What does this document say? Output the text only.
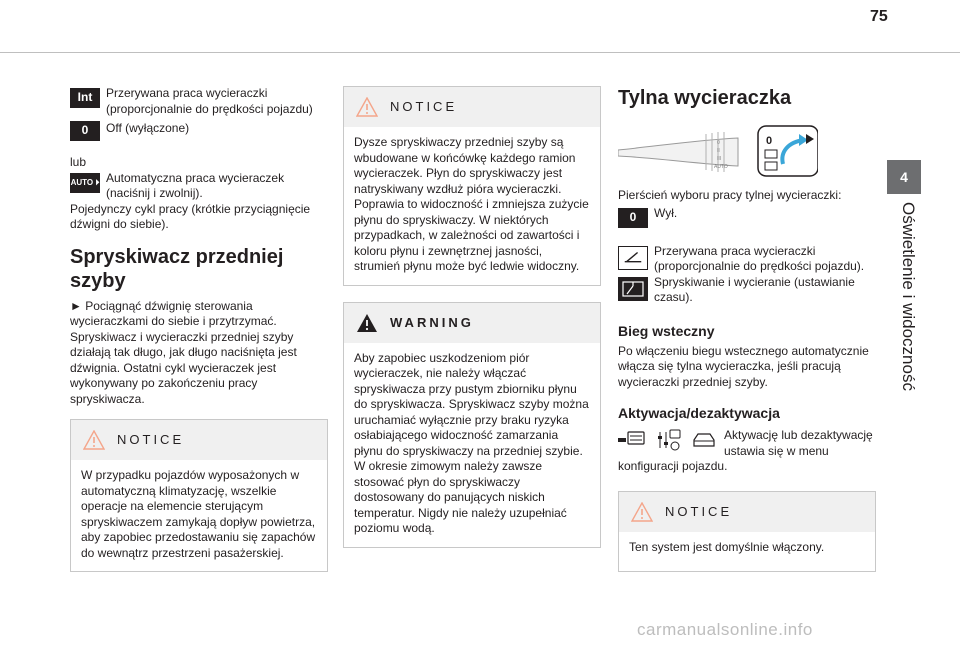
75
4
Oświetlenie i widoczność
Int	Przerywana praca wycieraczki (proporcjonalnie do prędkości pojazdu)

0	Off (wyłączone)

lub

AUTO ⏵ Automatyczna praca wycieraczek (naciśnij i zwolnij).

Pojedynczy cykl pracy (krótkie przyciągnięcie dźwigni do siebie).

Spryskiwacz przedniej szyby

► Pociągnąć dźwignię sterowania wycieraczkami do siebie i przytrzymać. Spryskiwacz i wycieraczki przedniej szyby działają tak długo, jak długo naciśnięta jest dźwignia. Ostatni cykl wycieraczek jest wykonywany po zakończeniu pracy spryskiwacza.

NOTICE

W przypadku pojazdów wyposażonych w automatyczną klimatyzację, wszelkie operacje na elemencie sterującym spryskiwaczem zamykają dopływ powietrza, aby zapobiec przedostawaniu się zapachów do wewnątrz przestrzeni pasażerskiej.

NOTICE

Dysze spryskiwaczy przedniej szyby są wbudowane w końcówkę każdego ramion wycieraczek. Płyn do spryskiwaczy jest natryskiwany wzdłuż pióra wycieraczki. Poprawia to widoczność i zmniejsza zużycie płynu do spryskiwaczy. W niektórych przypadkach, w zależności od zawartości i koloru płynu i zewnętrznej jasności, strumień płynu może być ledwie widoczny.

WARNING

Aby zapobiec uszkodzeniom piór wycieraczek, nie należy włączać spryskiwacza przy pustym zbiorniku płynu do spryskiwacza. Spryskiwacz szyby można uruchamiać wyłącznie przy braku ryzyka osłabiającego widoczność zamarzania płynu do spryskiwaczy na przedniej szybie. W okresie zimowym należy zawsze stosować płyn do spryskiwaczy dostosowany do panujących niskich temperatur. Nigdy nie należy uzupełniać poziomu wodą.

Tylna wycieraczka
0
II
III
AUTO
0

Pierścień wyboru pracy tylnej wycieraczki:

0	Wył.

Przerywana praca wycieraczki (proporcjonalnie do prędkości pojazdu).

Spryskiwanie i wycieranie (ustawianie czasu).

Bieg wsteczny

Po włączeniu biegu wstecznego automatycznie włącza się tylna wycieraczka, jeśli pracują wycieraczki przedniej szyby.

Aktywacja/dezaktywacja

Aktywację lub dezaktywację ustawia się w menu

konfiguracji pojazdu.

NOTICE

Ten system jest domyślnie włączony.

carmanualsonline.info
